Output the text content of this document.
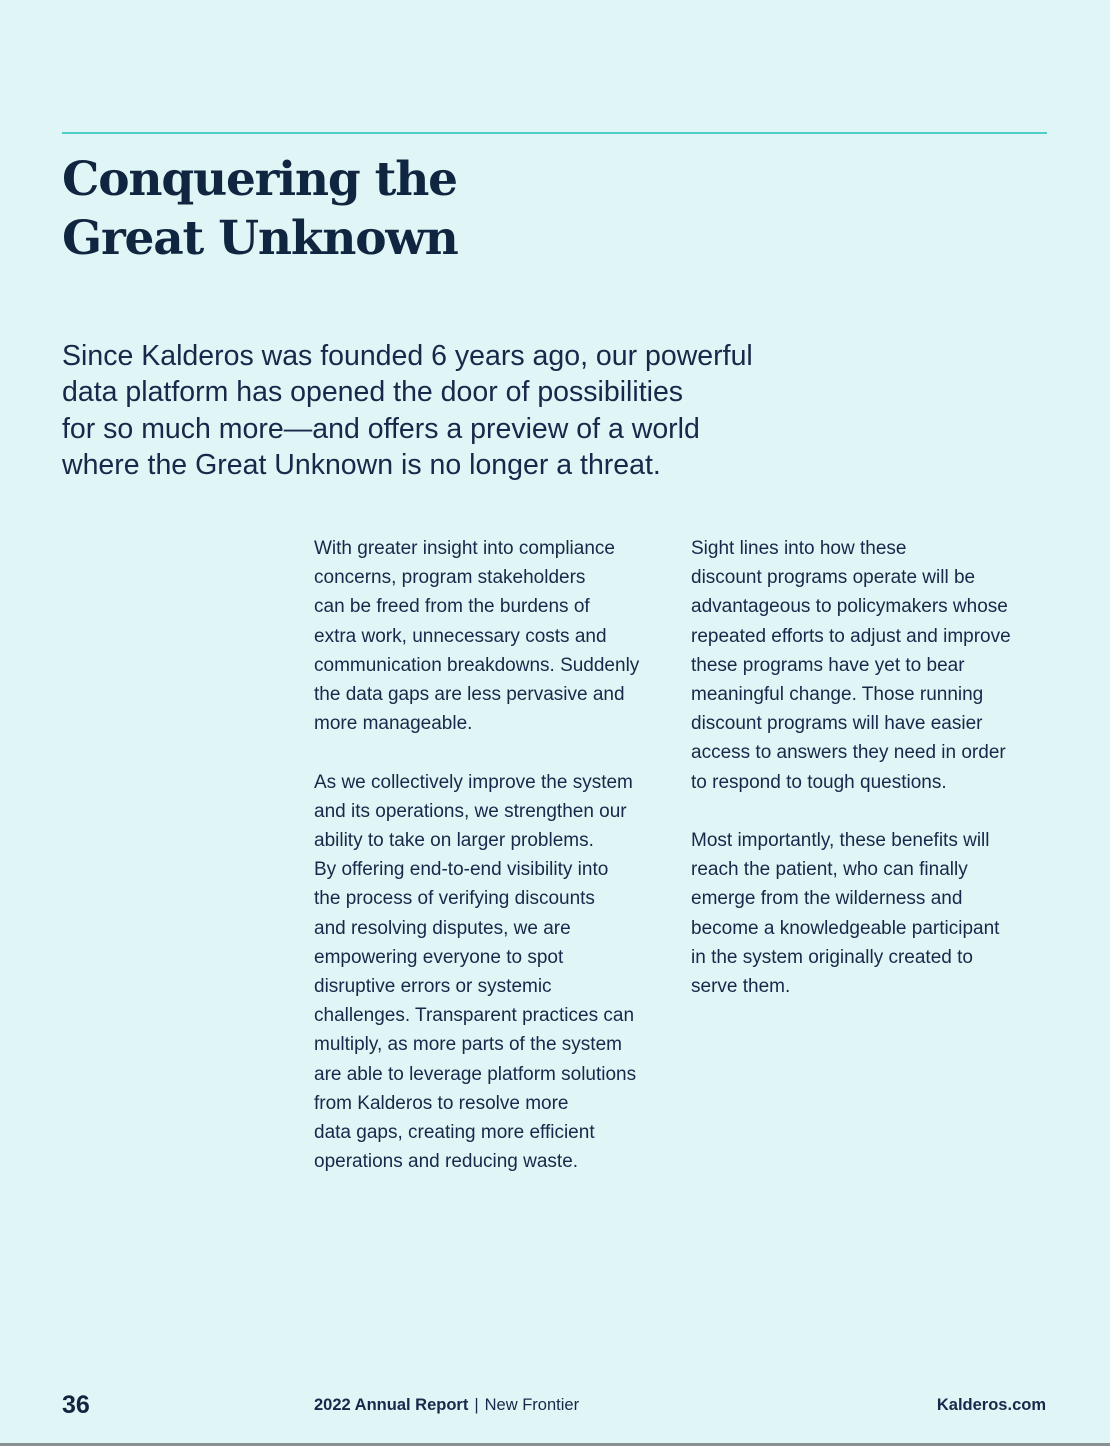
Conquering the
Great Unknown

Since Kalderos was founded 6 years ago, our powerful
data platform has opened the door of possibilities
for so much more—and offers a preview of a world
where the Great Unknown is no longer a threat.

With greater insight into compliance
concerns, program stakeholders
can be freed from the burdens of
extra work, unnecessary costs and
communication breakdowns. Suddenly
the data gaps are less pervasive and
more manageable.

As we collectively improve the system
and its operations, we strengthen our
ability to take on larger problems.
By offering end-to-end visibility into
the process of verifying discounts
and resolving disputes, we are
empowering everyone to spot
disruptive errors or systemic
challenges. Transparent practices can
multiply, as more parts of the system
are able to leverage platform solutions
from Kalderos to resolve more
data gaps, creating more efficient
operations and reducing waste.

Sight lines into how these
discount programs operate will be
advantageous to policymakers whose
repeated efforts to adjust and improve
these programs have yet to bear
meaningful change. Those running
discount programs will have easier
access to answers they need in order
to respond to tough questions.

Most importantly, these benefits will
reach the patient, who can finally
emerge from the wilderness and
become a knowledgeable participant
in the system originally created to
serve them.

36	2022 Annual Report | New Frontier	Kalderos.com
